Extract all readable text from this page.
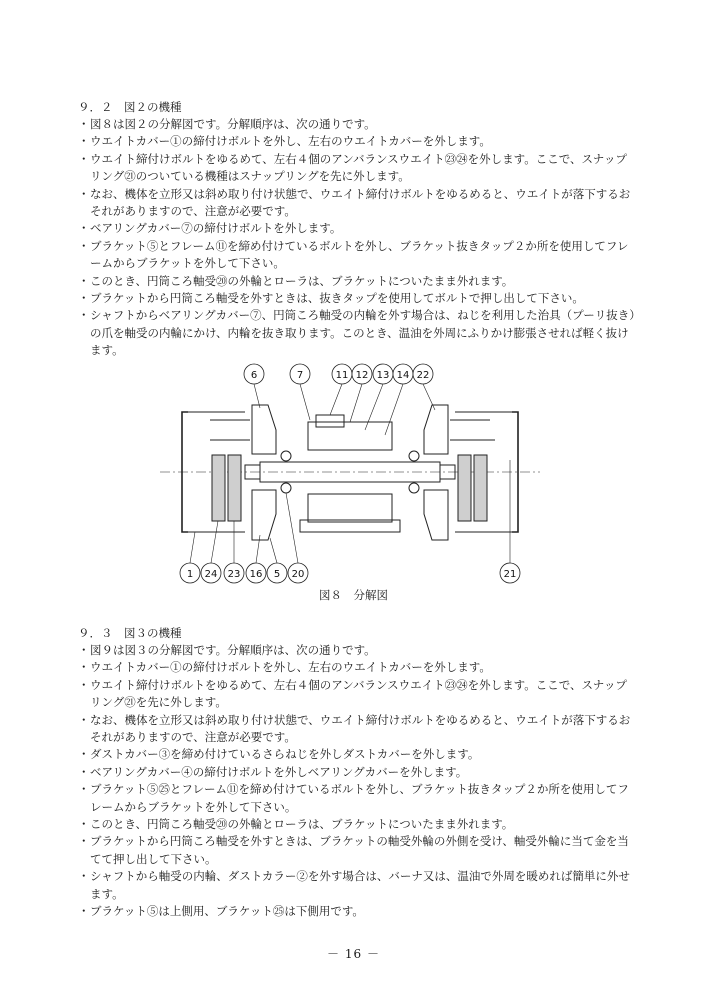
９．２　図２の機種
・ 図８は図２の分解図です。分解順序は、次の通りです。
・ ウエイトカバー①の締付けボルトを外し、左右のウエイトカバーを外します。
・ ウエイト締付けボルトをゆるめて、左右４個のアンバランスウエイト㉓㉔を外します。ここで、スナップリング㉑のついている機種はスナップリングを先に外します。
・ なお、機体を立形又は斜め取り付け状態で、ウエイト締付けボルトをゆるめると、ウエイトが落下するおそれがありますので、注意が必要です。
・ ベアリングカバー⑦の締付けボルトを外します。
・ ブラケット⑤とフレーム⑪を締め付けているボルトを外し、ブラケット抜きタップ２か所を使用してフレームからブラケットを外して下さい。
・ このとき、円筒ころ軸受⑳の外輪とローラは、ブラケットについたまま外れます。
・ ブラケットから円筒ころ軸受を外すときは、抜きタップを使用してボルトで押し出して下さい。
・ シャフトからベアリングカバー⑦、円筒ころ軸受の内輪を外す場合は、ねじを利用した治具（プーリ抜き）の爪を軸受の内輪にかけ、内輪を抜き取ります。このとき、温油を外周にふりかけ膨張させれば軽く抜けます。
6	7	11 12 13 14 22
1 24 23 16 5 20	21
図８　分解図
９．３　図３の機種
・ 図９は図３の分解図です。分解順序は、次の通りです。
・ ウエイトカバー①の締付けボルトを外し、左右のウエイトカバーを外します。
・ ウエイト締付けボルトをゆるめて、左右４個のアンバランスウエイト㉓㉔を外します。ここで、スナップリング㉑を先に外します。
・ なお、機体を立形又は斜め取り付け状態で、ウエイト締付けボルトをゆるめると、ウエイトが落下するおそれがありますので、注意が必要です。
・ ダストカバー③を締め付けているさらねじを外しダストカバーを外します。
・ ベアリングカバー④の締付けボルトを外しベアリングカバーを外します。
・ ブラケット⑤㉕とフレーム⑪を締め付けているボルトを外し、ブラケット抜きタップ２か所を使用してフレームからブラケットを外して下さい。
・ このとき、円筒ころ軸受⑳の外輪とローラは、ブラケットについたまま外れます。
・ ブラケットから円筒ころ軸受を外すときは、ブラケットの軸受外輪の外側を受け、軸受外輪に当て金を当てて押し出して下さい。
・ シャフトから軸受の内輪、ダストカラー②を外す場合は、バーナ又は、温油で外周を暖めれば簡単に外せます。
・ ブラケット⑤は上側用、ブラケット㉕は下側用です。
－ 16 －
